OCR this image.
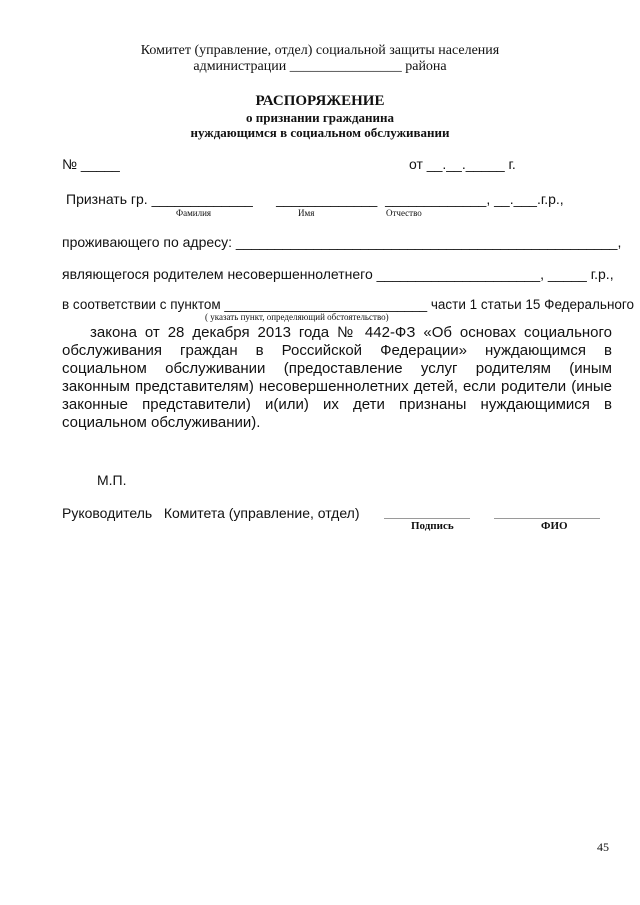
Комитет (управление, отдел) социальной защиты населения
администрации ________________ района
РАСПОРЯЖЕНИЕ
о признании гражданина
нуждающимся в социальном обслуживании
№ _____	от __.__._____ г.
Признать гр. _____________      _____________  _____________, __.___.г.р.,
Фамилия	Имя	Отчество
проживающего по адресу: _________________________________________________,
являющегося родителем несовершеннолетнего _____________________, _____ г.р.,
в соответствии с пунктом ___________________________ части 1 статьи 15 Федерального
( указать пункт, определяющий обстоятельство)
закона от 28 декабря 2013 года № 442-ФЗ «Об основах социального обслуживания граждан в Российской Федерации» нуждающимся в социальном обслуживании (предоставление услуг родителям (иным законным представителям) несовершеннолетних детей, если родители (иные законные представители) и(или) их дети признаны нуждающимися в социальном обслуживании).
М.П.
Руководитель   Комитета (управление, отдел)
Подпись	ФИО
45
